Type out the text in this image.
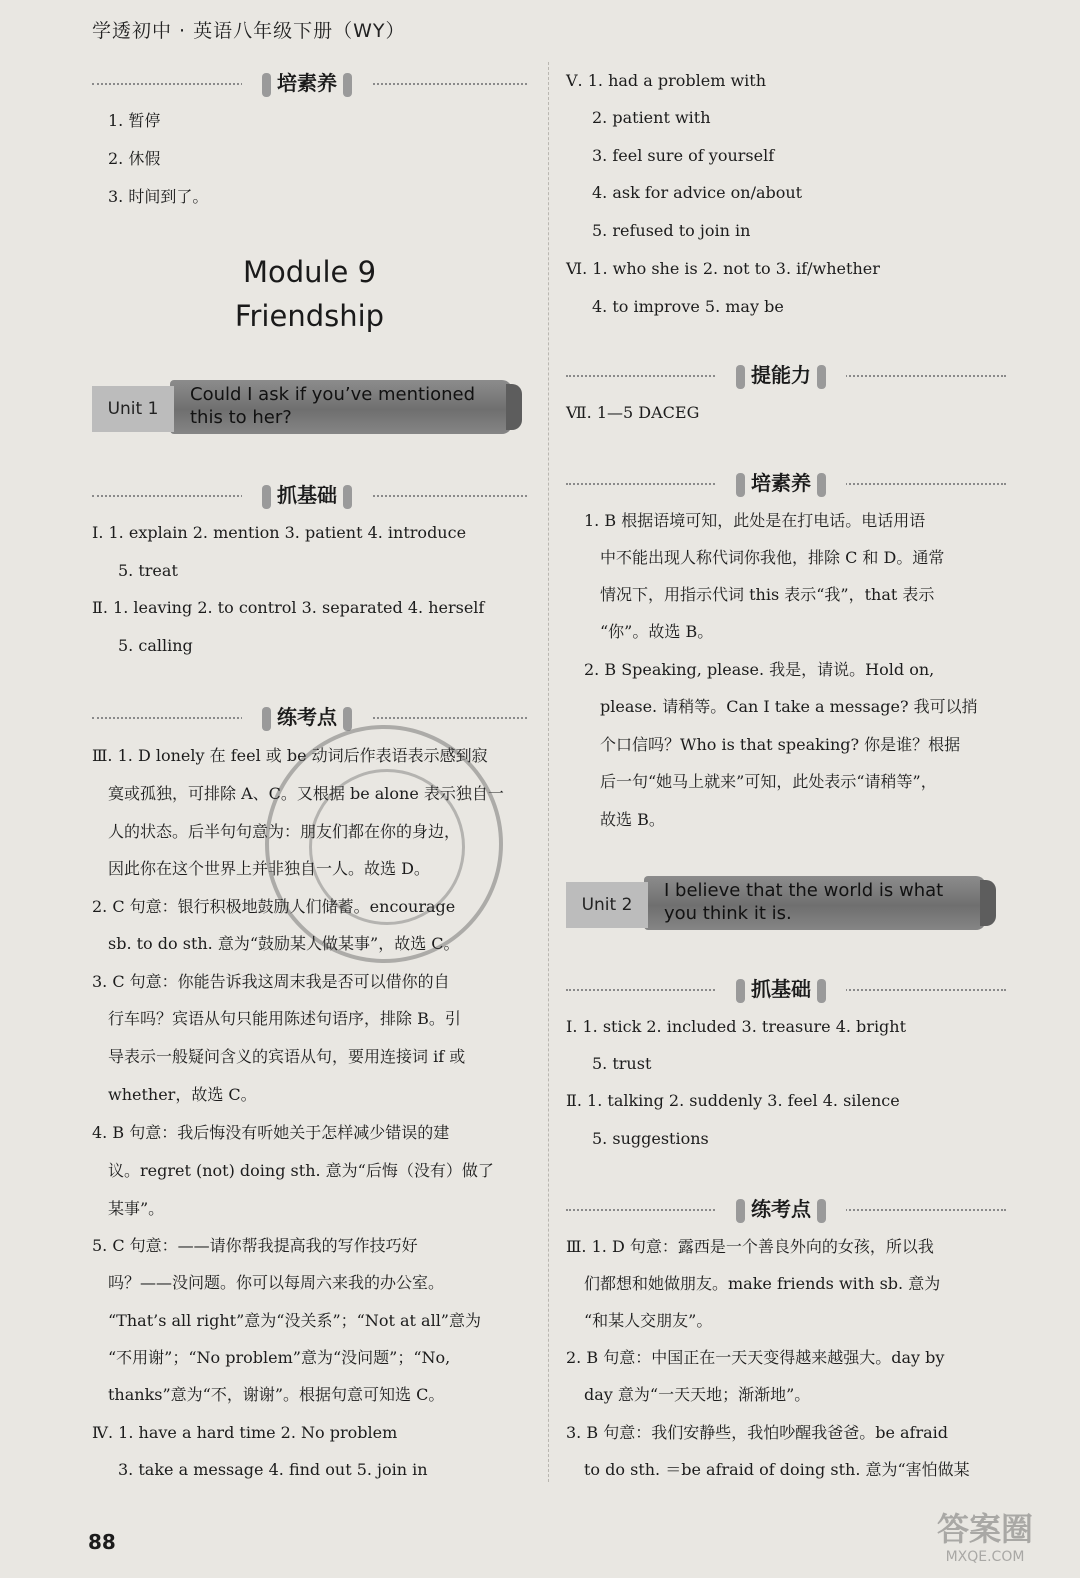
学透初中 · 英语八年级下册（WY）
培素养
1. 暂停
2. 休假
3. 时间到了。
Module 9
Friendship
Unit 1
Could I ask if you’ve mentioned
this to her?
抓基础
Ⅰ. 1. explain 2. mention 3. patient 4. introduce
5. treat
Ⅱ. 1. leaving 2. to control 3. separated 4. herself
5. calling
练考点
Ⅲ. 1. D lonely 在 feel 或 be 动词后作表语表示感到寂
寞或孤独，可排除 A、C。又根据 be alone 表示独自一
人的状态。后半句句意为：朋友们都在你的身边，
因此你在这个世界上并非独自一人。故选 D。
2. C 句意：银行积极地鼓励人们储蓄。encourage
sb. to do sth. 意为“鼓励某人做某事”，故选 C。
3. C 句意：你能告诉我这周末我是否可以借你的自
行车吗？宾语从句只能用陈述句语序，排除 B。引
导表示一般疑问含义的宾语从句，要用连接词 if 或
whether，故选 C。
4. B 句意：我后悔没有听她关于怎样减少错误的建
议。regret (not) doing sth. 意为“后悔（没有）做了
某事”。
5. C 句意：——请你帮我提高我的写作技巧好
吗？——没问题。你可以每周六来我的办公室。
“That’s all right”意为“没关系”；“Not at all”意为
“不用谢”；“No problem”意为“没问题”；“No,
thanks”意为“不，谢谢”。根据句意可知选 C。
Ⅳ. 1. have a hard time 2. No problem
3. take a message 4. find out 5. join in
Ⅴ. 1. had a problem with
2. patient with
3. feel sure of yourself
4. ask for advice on/about
5. refused to join in
Ⅵ. 1. who she is 2. not to 3. if/whether
4. to improve 5. may be
提能力
Ⅶ. 1—5 DACEG
培素养
1. B 根据语境可知，此处是在打电话。电话用语
中不能出现人称代词你我他，排除 C 和 D。通常
情况下，用指示代词 this 表示“我”，that 表示
“你”。故选 B。
2. B Speaking, please. 我是，请说。Hold on,
please. 请稍等。Can I take a message? 我可以捎
个口信吗？Who is that speaking? 你是谁？根据
后一句“她马上就来”可知，此处表示“请稍等”，
故选 B。
Unit 2
I believe that the world is what
you think it is.
抓基础
Ⅰ. 1. stick 2. included 3. treasure 4. bright
5. trust
Ⅱ. 1. talking 2. suddenly 3. feel 4. silence
5. suggestions
练考点
Ⅲ. 1. D 句意：露西是一个善良外向的女孩，所以我
们都想和她做朋友。make friends with sb. 意为
“和某人交朋友”。
2. B 句意：中国正在一天天变得越来越强大。day by
day 意为“一天天地；渐渐地”。
3. B 句意：我们安静些，我怕吵醒我爸爸。be afraid
to do sth. ＝be afraid of doing sth. 意为“害怕做某
88	答案圈
MXQE.COM
